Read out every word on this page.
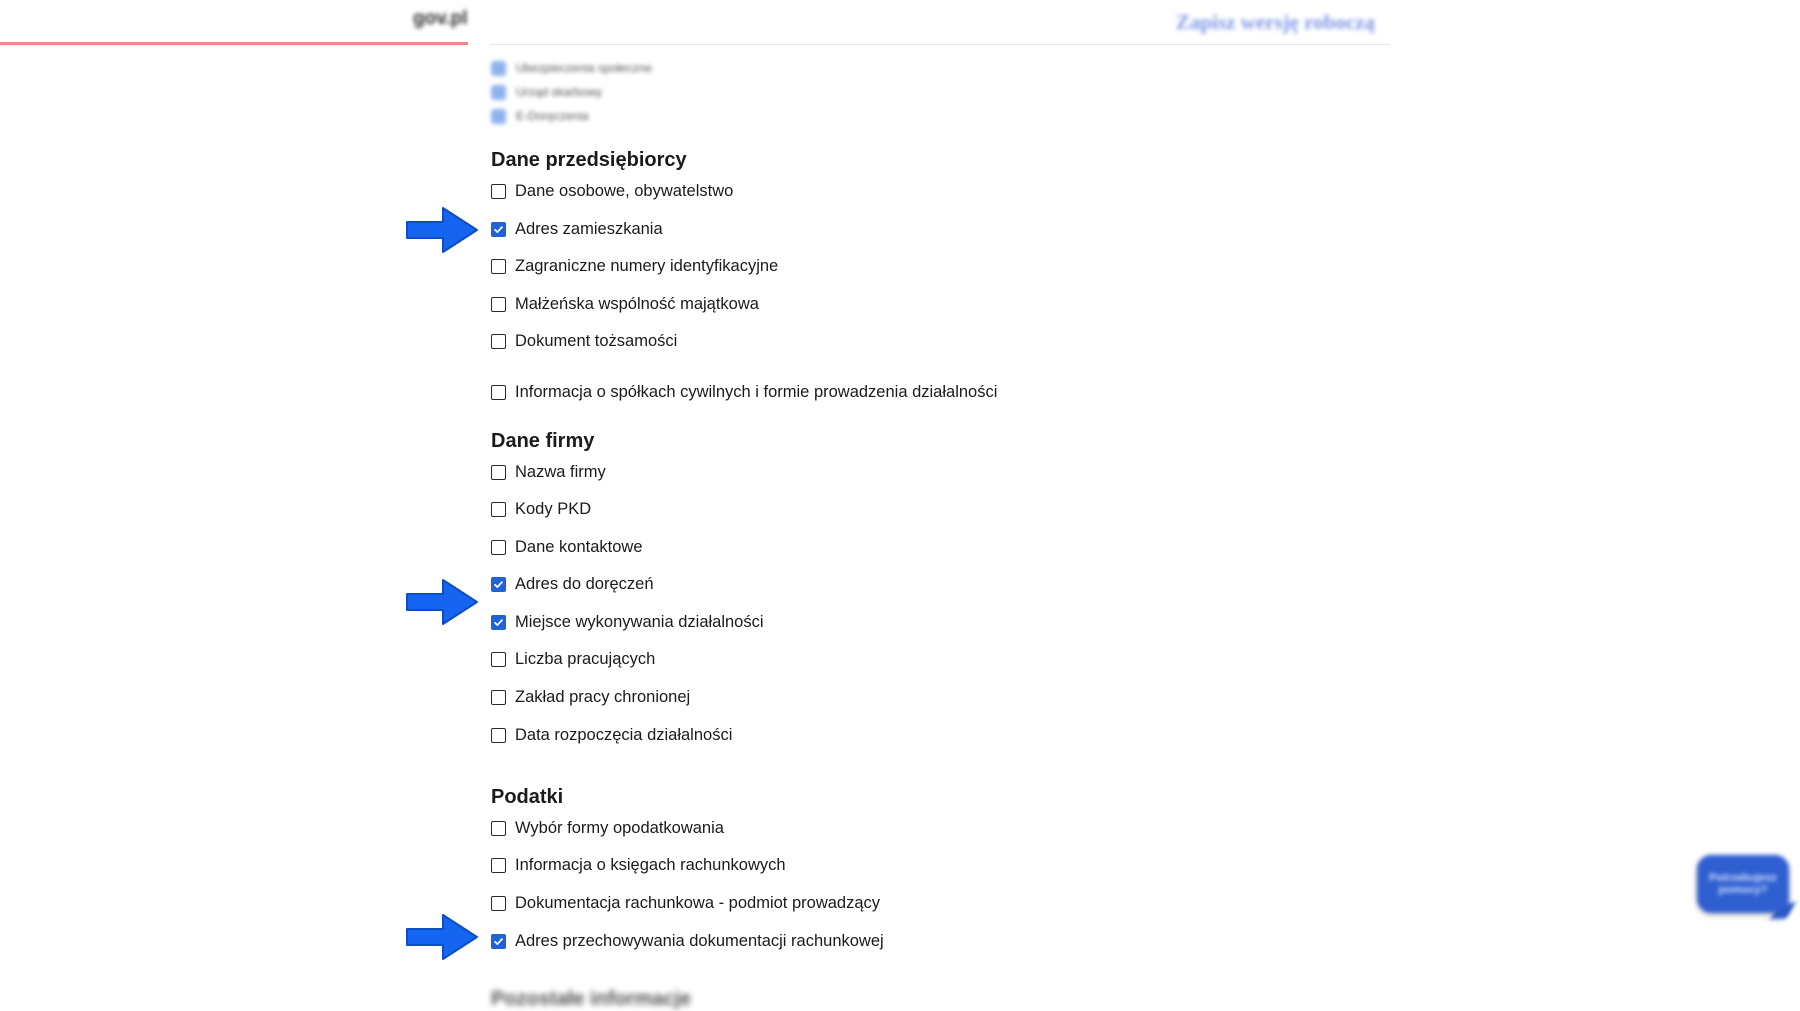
gov.pl	Zapisz wersję roboczą
Ubezpieczenia społeczne
Urząd skarbowy
E-Doręczenia
Dane przedsiębiorcy
Dane osobowe, obywatelstwo
Adres zamieszkania
Zagraniczne numery identyfikacyjne
Małżeńska wspólność majątkowa
Dokument tożsamości
Informacja o spółkach cywilnych i formie prowadzenia działalności
Dane firmy
Nazwa firmy
Kody PKD
Dane kontaktowe
Adres do doręczeń
Miejsce wykonywania działalności
Liczba pracujących
Zakład pracy chronionej
Data rozpoczęcia działalności
Podatki
Wybór formy opodatkowania
Informacja o księgach rachunkowych
Dokumentacja rachunkowa - podmiot prowadzący
Adres przechowywania dokumentacji rachunkowej
Pozostałe informacje
Potrzebujesz pomocy?
